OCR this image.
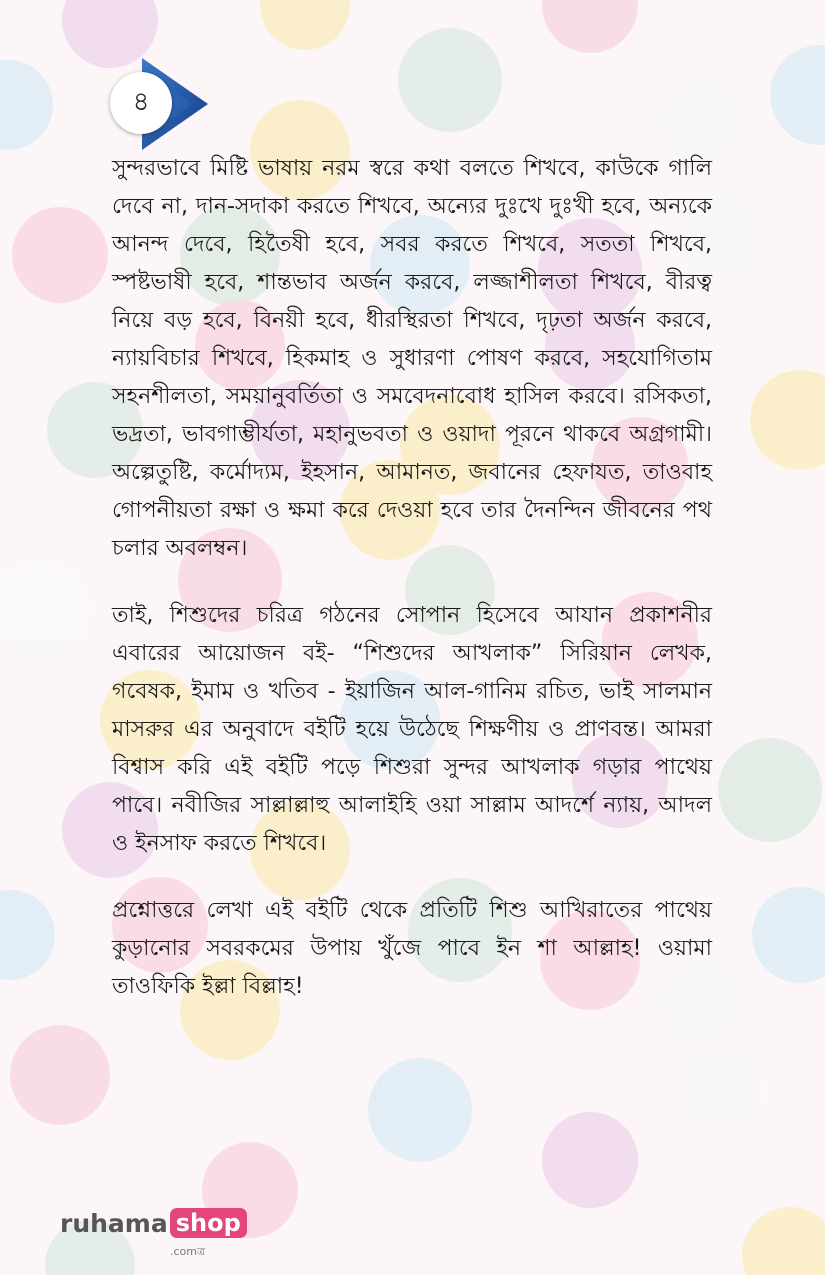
৪

সুন্দরভাবে মিষ্টি ভাষায় নরম স্বরে কথা বলতে শিখবে, কাউকে গালি দেবে না, দান-সদাকা করতে শিখবে, অন্যের দুঃখে দুঃখী হবে, অন্যকে আনন্দ দেবে, হিতৈষী হবে, সবর করতে শিখবে, সততা শিখবে, স্পষ্টভাষী হবে, শান্তভাব অর্জন করবে, লজ্জাশীলতা শিখবে, বীরত্ব নিয়ে বড় হবে, বিনয়ী হবে, ধীরস্থিরতা শিখবে, দৃঢ়তা অর্জন করবে, ন্যায়বিচার শিখবে, হিকমাহ ও সুধারণা পোষণ করবে, সহযোগিতাম সহনশীলতা, সময়ানুবর্তিতা ও সমবেদনাবোধ হাসিল করবে। রসিকতা, ভদ্রতা, ভাবগাম্ভীর্যতা, মহানুভবতা ও ওয়াদা পূরনে থাকবে অগ্রগামী। অল্পেতুষ্টি, কর্মোদ্যম, ইহসান, আমানত, জবানের হেফাযত, তাওবাহ গোপনীয়তা রক্ষা ও ক্ষমা করে দেওয়া হবে তার দৈনন্দিন জীবনের পথ চলার অবলম্বন।

তাই, শিশুদের চরিত্র গঠনের সোপান হিসেবে আযান প্রকাশনীর এবারের আয়োজন বই- “শিশুদের আখলাক” সিরিয়ান লেখক, গবেষক, ইমাম ও খতিব - ইয়াজিন আল-গানিম রচিত, ভাই সালমান মাসরুর এর অনুবাদে বইটি হয়ে উঠেছে শিক্ষণীয় ও প্রাণবন্ত। আমরা বিশ্বাস করি এই বইটি পড়ে শিশুরা সুন্দর আখলাক গড়ার পাথেয় পাবে। নবীজির সাল্লাল্লাহু আলাইহি ওয়া সাল্লাম আদর্শে ন্যায়, আদল ও ইনসাফ করতে শিখবে।

প্রশ্নোত্তরে লেখা এই বইটি থেকে প্রতিটি শিশু আখিরাতের পাথেয় কুড়ানোর সবরকমের উপায় খুঁজে পাবে ইন শা আল্লাহ! ওয়ামা তাওফিকি ইল্লা বিল্লাহ!

ruhama shop
.comত্র
